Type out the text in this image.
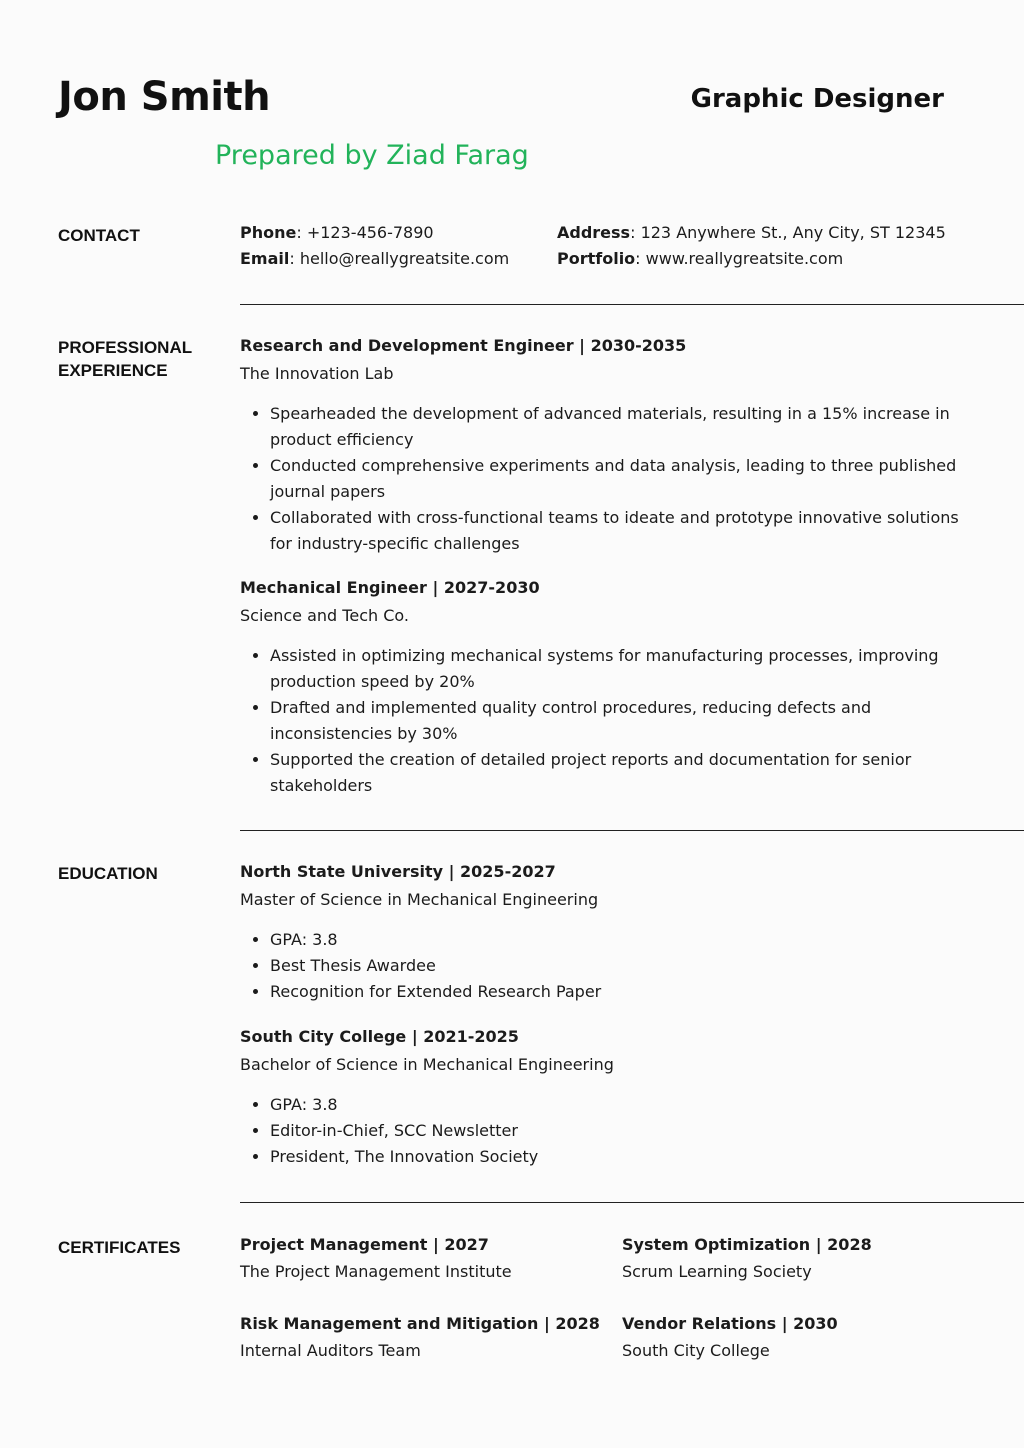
Jon Smith	Graphic Designer
Prepared by Ziad Farag
CONTACT	Phone: +123-456-7890
Email: hello@reallygreatsite.com
Address: 123 Anywhere St., Any City, ST 12345
Portfolio: www.reallygreatsite.com
PROFESSIONAL
EXPERIENCE

Research and Development Engineer | 2030-2035

The Innovation Lab

• Spearheaded the development of advanced materials, resulting in a 15% increase in product efficiency
• Conducted comprehensive experiments and data analysis, leading to three published journal papers
• Collaborated with cross-functional teams to ideate and prototype innovative solutions for industry-specific challenges

Mechanical Engineer | 2027-2030

Science and Tech Co.

• Assisted in optimizing mechanical systems for manufacturing processes, improving production speed by 20%
• Drafted and implemented quality control procedures, reducing defects and inconsistencies by 30%
• Supported the creation of detailed project reports and documentation for senior stakeholders
EDUCATION	North State University | 2025-2027

Master of Science in Mechanical Engineering

• GPA: 3.8
• Best Thesis Awardee
• Recognition for Extended Research Paper

South City College | 2021-2025

Bachelor of Science in Mechanical Engineering

• GPA: 3.8
• Editor-in-Chief, SCC Newsletter
• President, The Innovation Society
CERTIFICATES	Project Management | 2027

The Project Management Institute

System Optimization | 2028

Scrum Learning Society

Risk Management and Mitigation | 2028

Internal Auditors Team

Vendor Relations | 2030

South City College
